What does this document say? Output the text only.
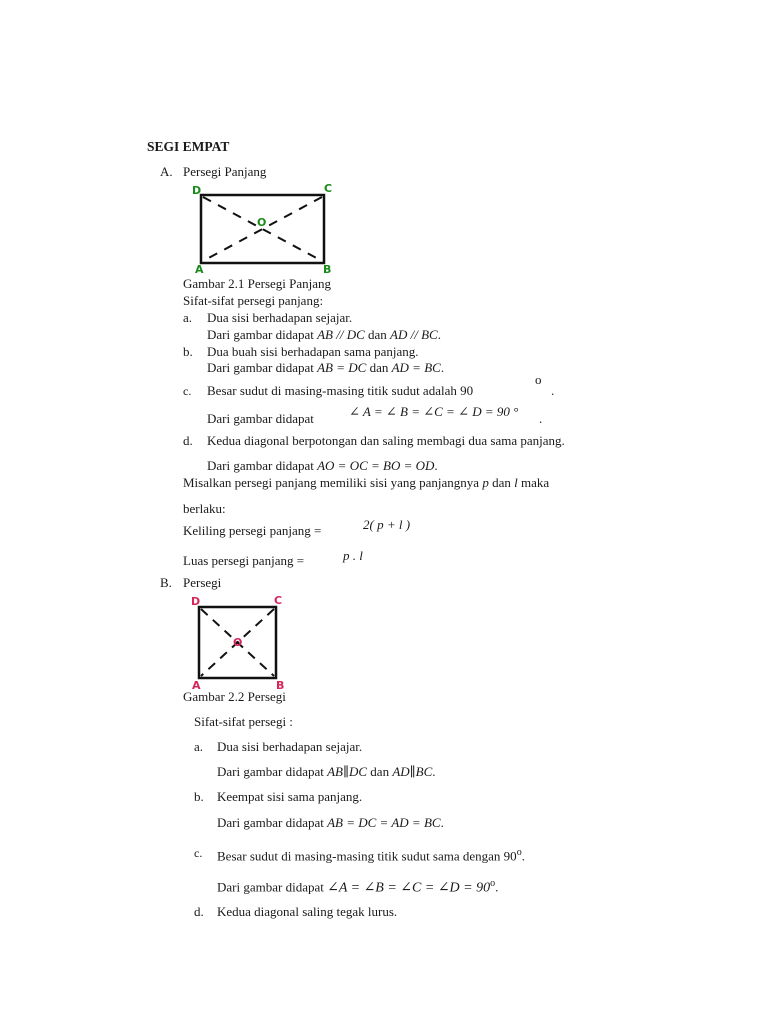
SEGI EMPAT
A. Persegi Panjang
D	C
O
A	B
Gambar 2.1 Persegi Panjang
Sifat-sifat persegi panjang:
a. Dua sisi berhadapan sejajar.
Dari gambar didapat AB // DC dan AD // BC.
b. Dua buah sisi berhadapan sama panjang.
Dari gambar didapat AB = DC dan AD = BC.
c. Besar sudut di masing-masing titik sudut adalah 90
o
.
Dari gambar didapat	∠ A = ∠ B = ∠C = ∠ D = 90 ° .
d. Kedua diagonal berpotongan dan saling membagi dua sama panjang.
Dari gambar didapat AO = OC = BO = OD.
Misalkan persegi panjang memiliki sisi yang panjangnya p dan l maka
berlaku:
Keliling persegi panjang =	2( p + l )
Luas persegi panjang =	p . l
B. Persegi
D	C
O
A	B
Gambar 2.2 Persegi
Sifat-sifat persegi :
a. Dua sisi berhadapan sejajar.
Dari gambar didapat AB∥DC dan AD∥BC.
b. Keempat sisi sama panjang.
Dari gambar didapat AB = DC = AD = BC.
c. Besar sudut di masing-masing titik sudut sama dengan 90$^o$.
Dari gambar didapat ∠A = ∠B = ∠C = ∠D = $90^o$.
d. Kedua diagonal saling tegak lurus.
